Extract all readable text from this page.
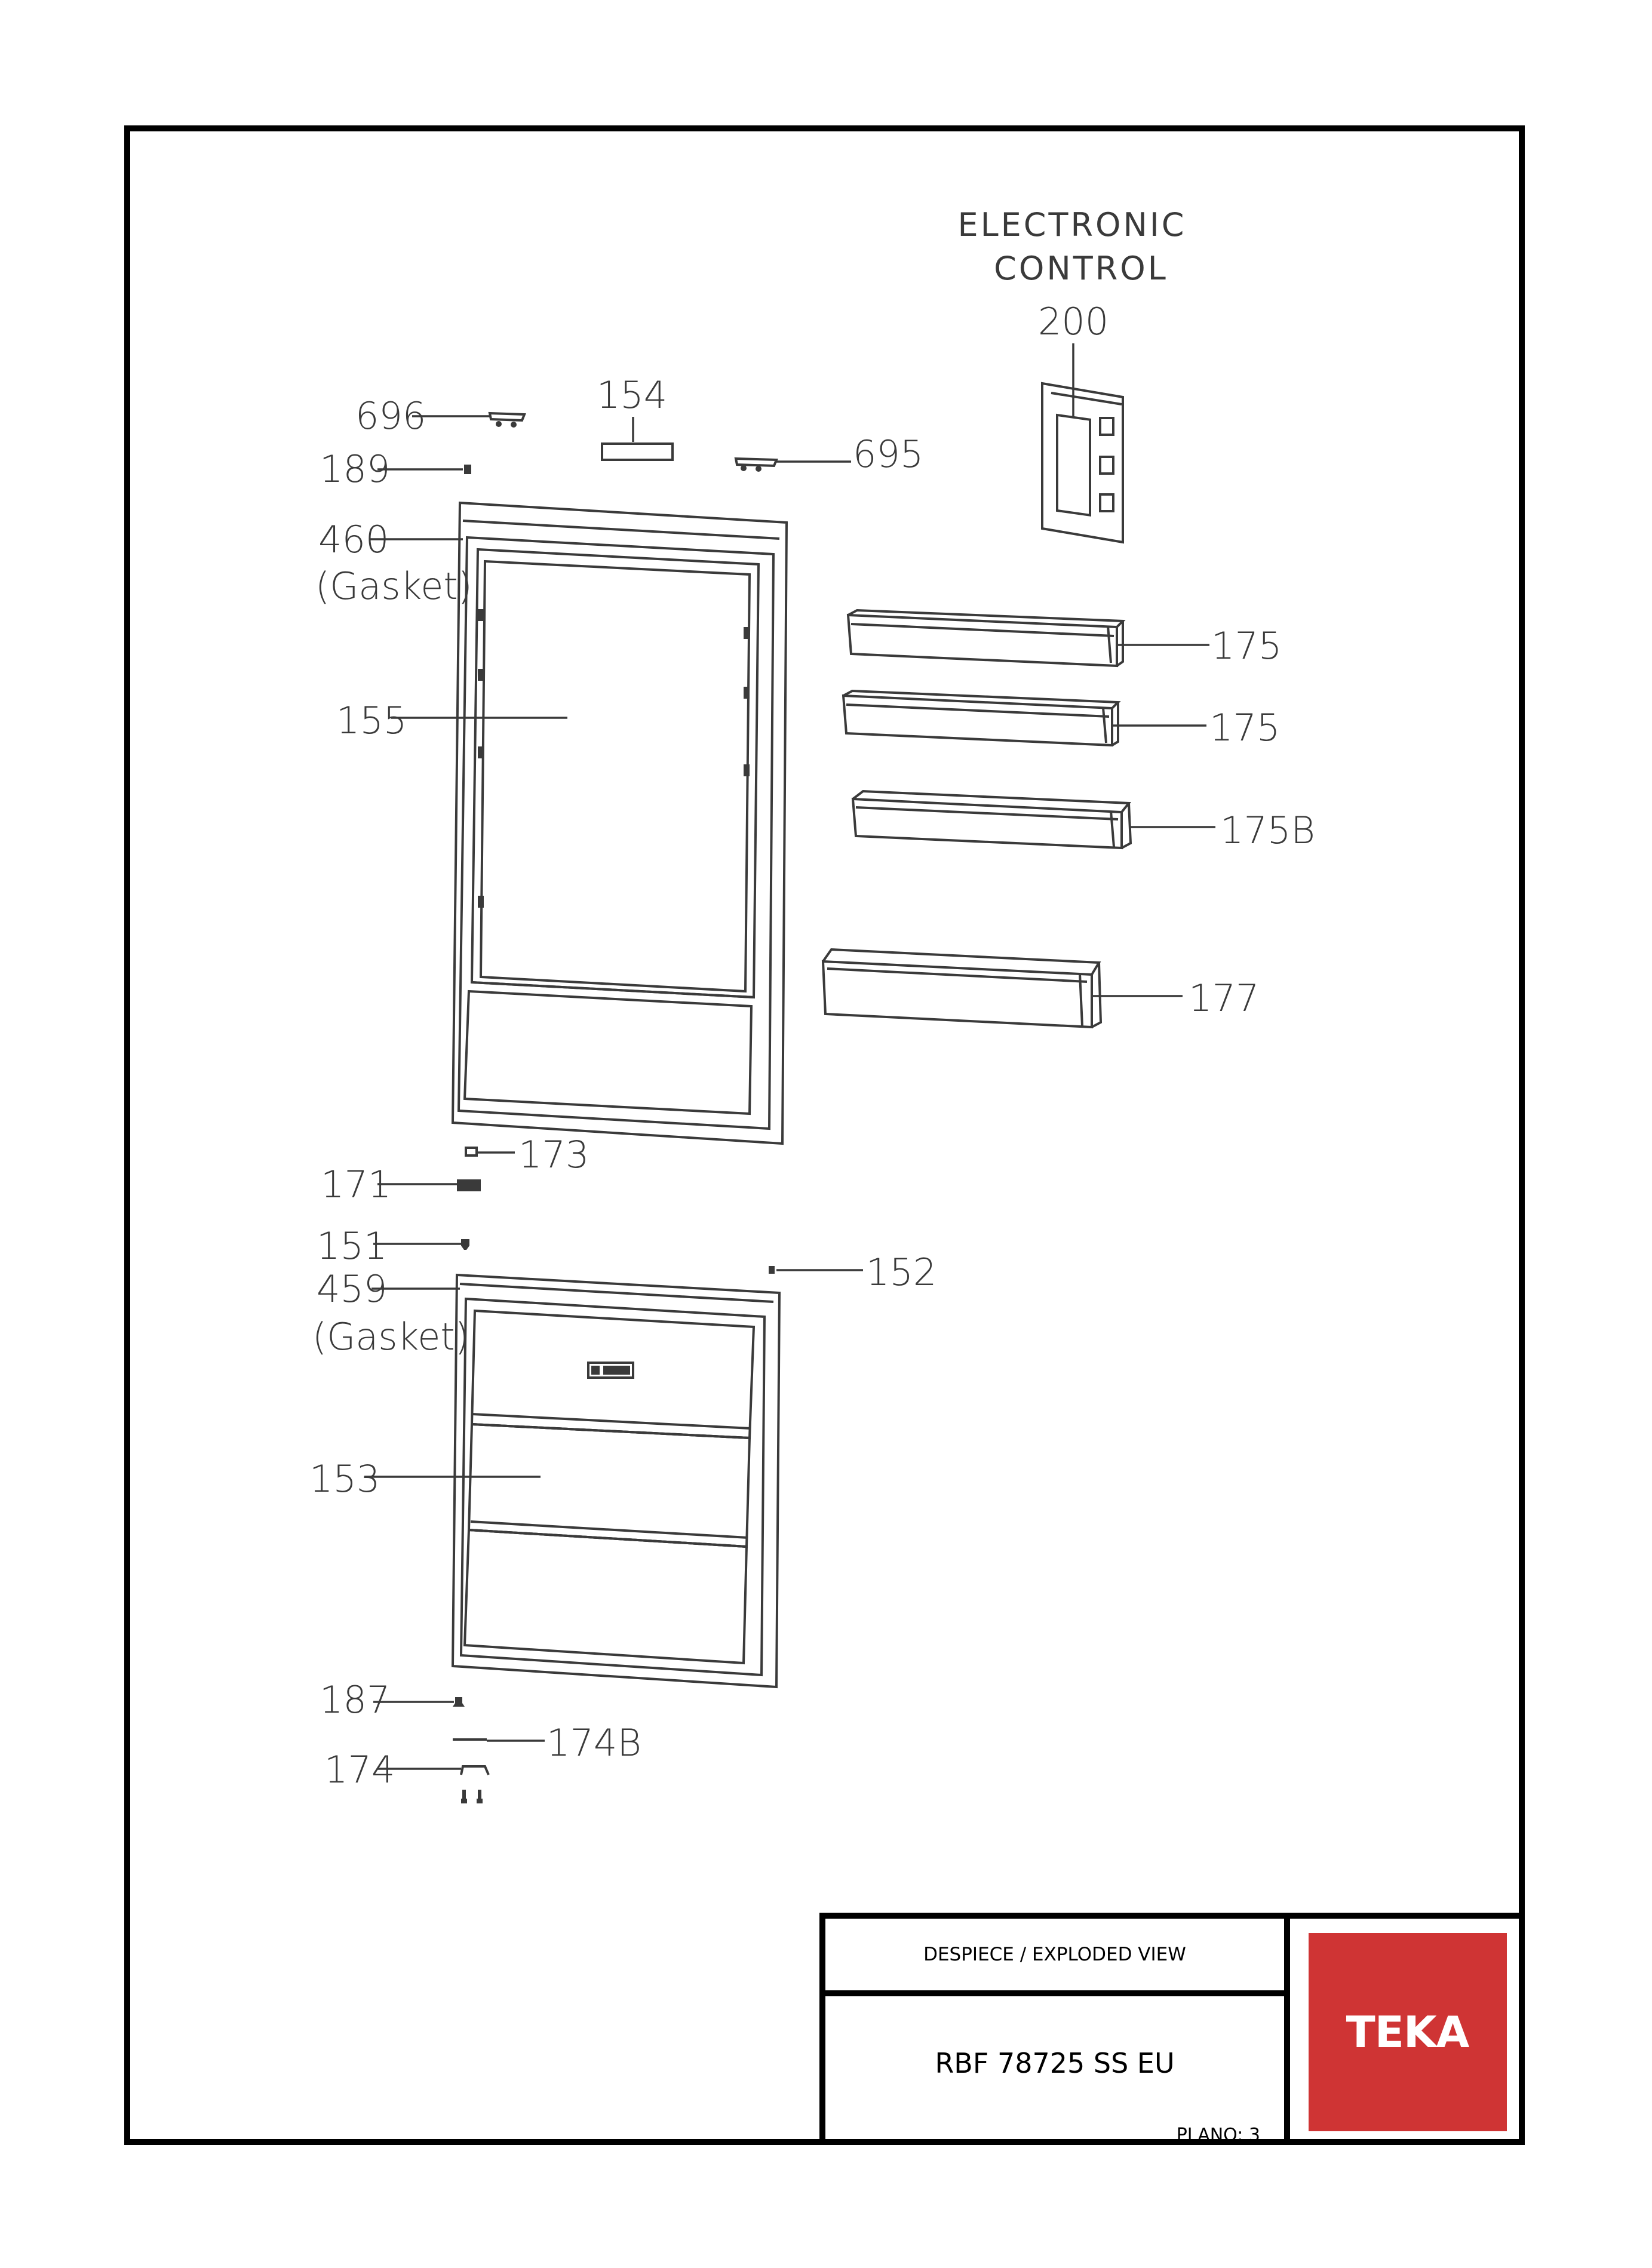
ELECTRONIC
CONTROL
200
154
696
695
189
460
(Gasket)
155
175
175
175B
177
173
171
151
152
459
(Gasket)
153
187
174B
174
DESPIECE / EXPLODED VIEW
RBF 78725 SS EU
PLANO: 3
TEKA
